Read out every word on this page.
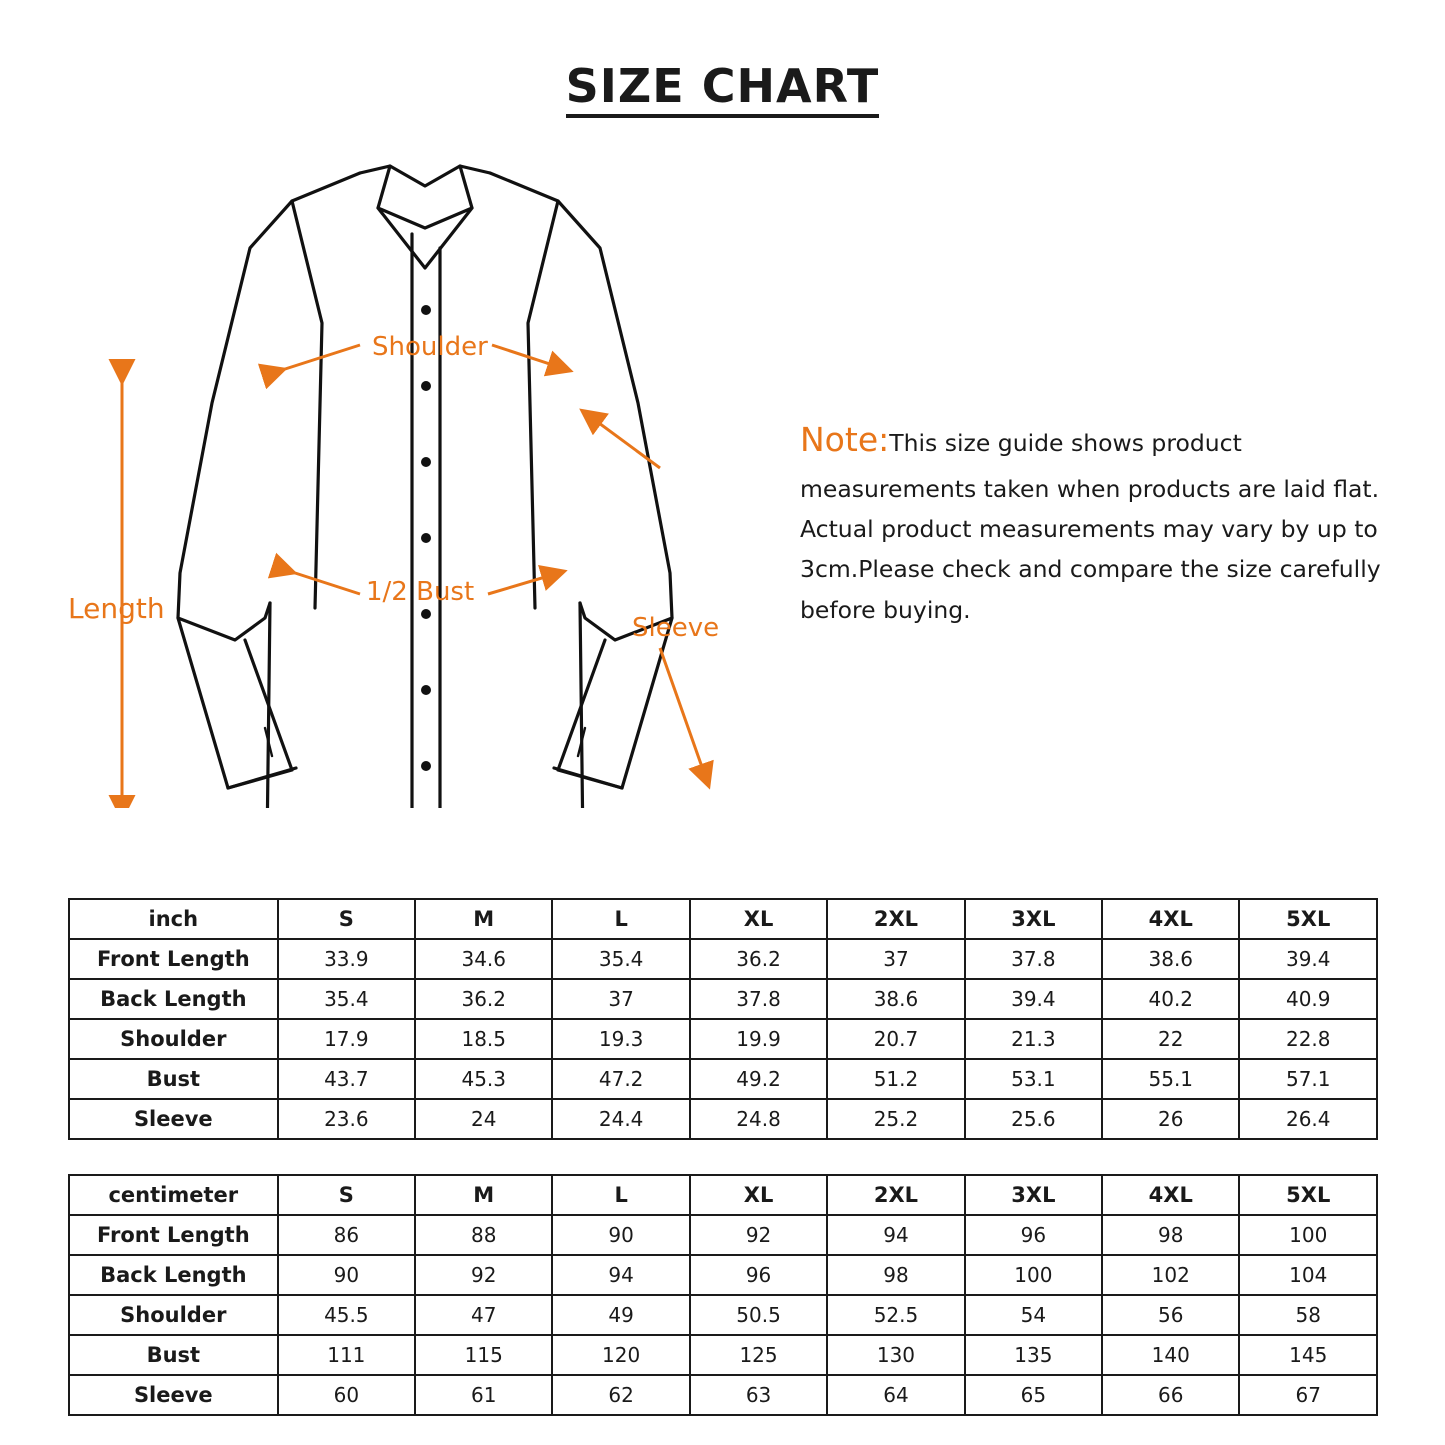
SIZE CHART
Shoulder
1/2 Bust
Length
Sleeve

Note:This size guide shows product measurements taken when products are laid flat. Actual product measurements may vary by up to 3cm.Please check and compare the size carefully before buying.

inch	S	M	L	XL	2XL	3XL	4XL	5XL
Front Length	33.9	34.6	35.4	36.2	37	37.8	38.6	39.4
Back Length	35.4	36.2	37	37.8	38.6	39.4	40.2	40.9
Shoulder	17.9	18.5	19.3	19.9	20.7	21.3	22	22.8
Bust	43.7	45.3	47.2	49.2	51.2	53.1	55.1	57.1
Sleeve	23.6	24	24.4	24.8	25.2	25.6	26	26.4
centimeter	S	M	L	XL	2XL	3XL	4XL	5XL
Front Length	86	88	90	92	94	96	98	100
Back Length	90	92	94	96	98	100	102	104
Shoulder	45.5	47	49	50.5	52.5	54	56	58
Bust	111	115	120	125	130	135	140	145
Sleeve	60	61	62	63	64	65	66	67
